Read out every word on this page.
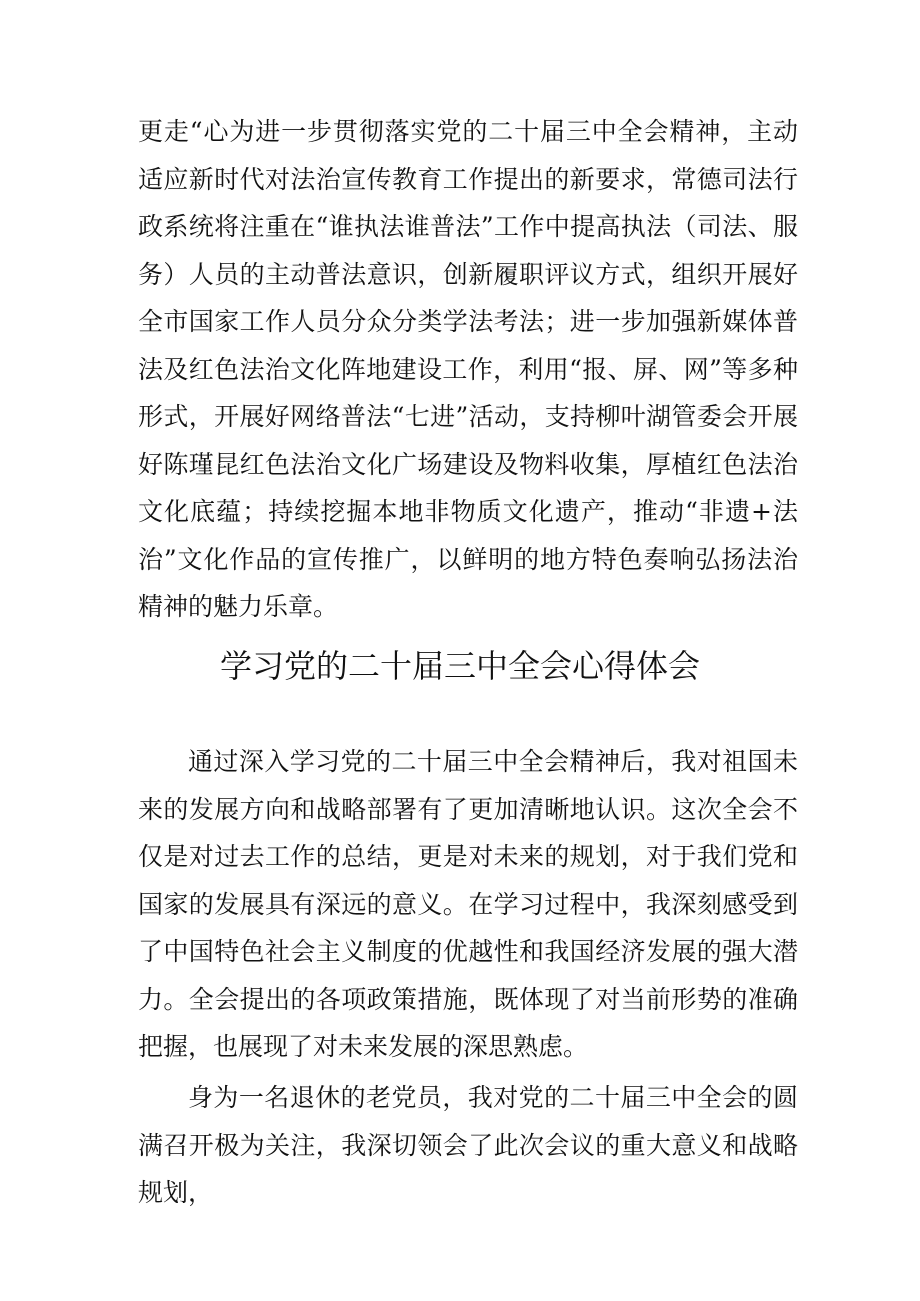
更走“心为进一步贯彻落实党的二十届三中全会精神，主动适应新时代对法治宣传教育工作提出的新要求，常德司法行政系统将注重在“谁执法谁普法”工作中提高执法（司法、服务）人员的主动普法意识，创新履职评议方式，组织开展好全市国家工作人员分众分类学法考法；进一步加强新媒体普法及红色法治文化阵地建设工作，利用“报、屏、网”等多种形式，开展好网络普法“七进”活动，支持柳叶湖管委会开展好陈瑾昆红色法治文化广场建设及物料收集，厚植红色法治文化底蕴；持续挖掘本地非物质文化遗产，推动“非遗+法治”文化作品的宣传推广，以鲜明的地方特色奏响弘扬法治精神的魅力乐章。

学习党的二十届三中全会心得体会

通过深入学习党的二十届三中全会精神后，我对祖国未来的发展方向和战略部署有了更加清晰地认识。这次全会不仅是对过去工作的总结，更是对未来的规划，对于我们党和国家的发展具有深远的意义。在学习过程中，我深刻感受到了中国特色社会主义制度的优越性和我国经济发展的强大潜力。全会提出的各项政策措施，既体现了对当前形势的准确把握，也展现了对未来发展的深思熟虑。

身为一名退休的老党员，我对党的二十届三中全会的圆满召开极为关注，我深切领会了此次会议的重大意义和战略规划，
